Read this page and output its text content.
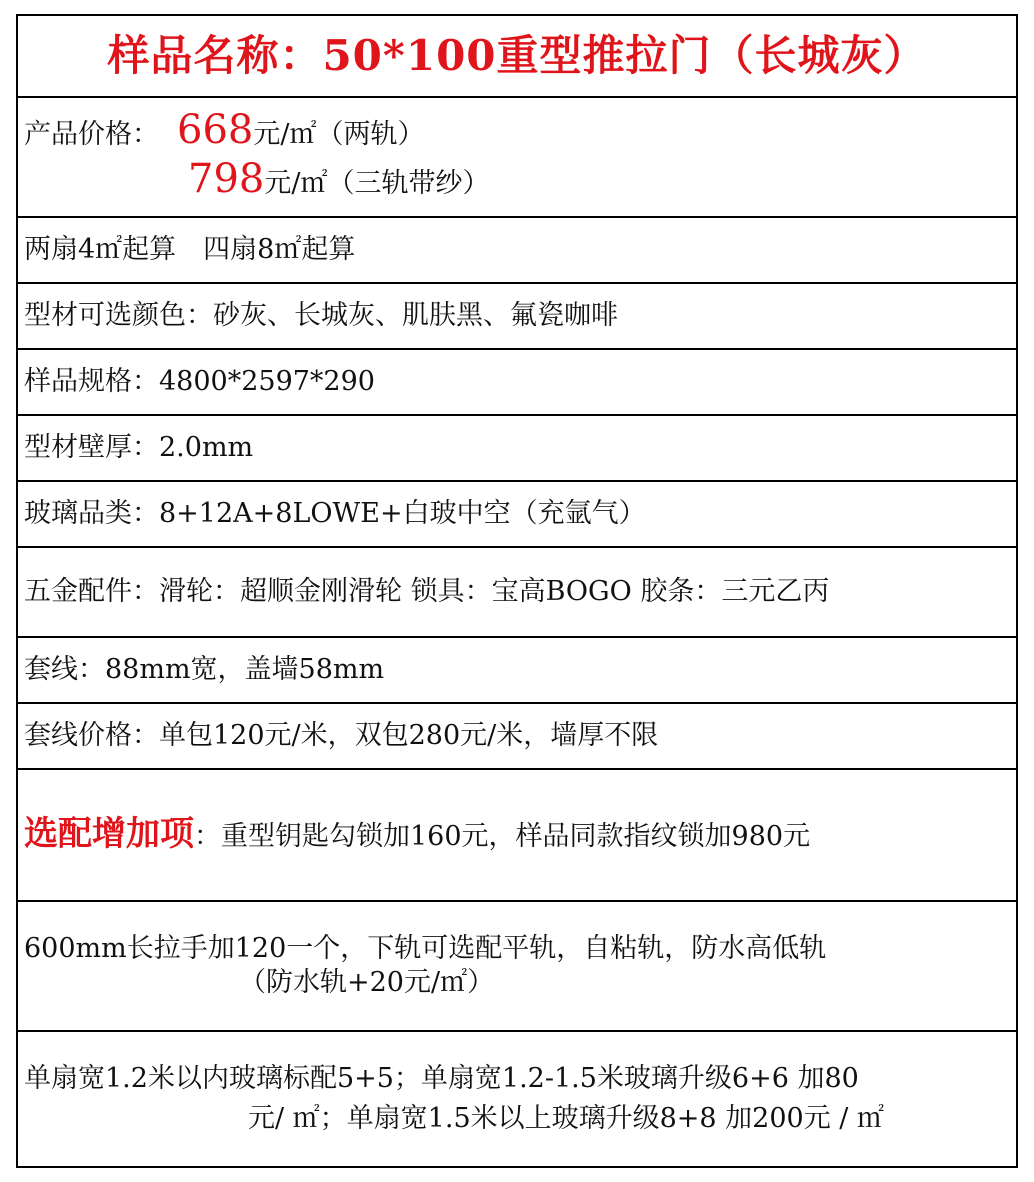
样品名称：50*100重型推拉门（长城灰）
产品价格： 668 元/㎡（两轨）
798 元/㎡（三轨带纱）
两扇4㎡起算　四扇8㎡起算
型材可选颜色：砂灰、长城灰、肌肤黑、氟瓷咖啡
样品规格：4800*2597*290
型材壁厚：2.0mm
玻璃品类：8+12A+8LOWE+白玻中空（充氩气）
五金配件：滑轮：超顺金刚滑轮 锁具：宝高BOGO 胶条：三元乙丙
套线：88mm宽，盖墙58mm
套线价格：单包120元/米，双包280元/米，墙厚不限
选配增加项 ：重型钥匙勾锁加160元，样品同款指纹锁加980元
600mm长拉手加120一个，下轨可选配平轨，自粘轨，防水高低轨
（防水轨+20元/㎡）
单扇宽1.2米以内玻璃标配5+5；单扇宽1.2-1.5米玻璃升级6+6 加80
元/ ㎡；单扇宽1.5米以上玻璃升级8+8 加200元 / ㎡
